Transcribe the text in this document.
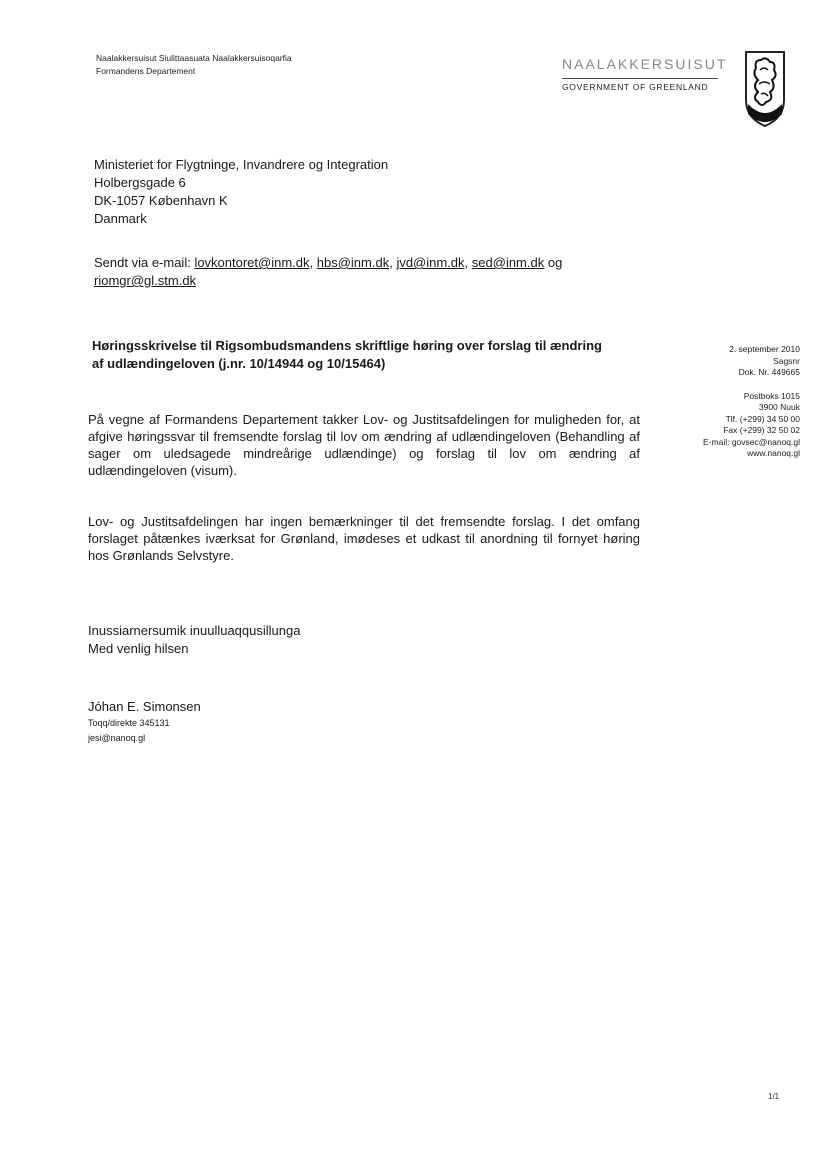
Naalakkersuisut Siulittaasuata Naalakkersuisoqarfia
Formandens Departement	NAALAKKERSUISUT
GOVERNMENT OF GREENLAND
Ministeriet for Flygtninge, Invandrere og Integration
Holbergsgade 6
DK-1057 København K
Danmark
Sendt via e-mail: lovkontoret@inm.dk, hbs@inm.dk, jvd@inm.dk, sed@inm.dk og riomgr@gl.stm.dk
Høringsskrivelse til Rigsombudsmandens skriftlige høring over forslag til ændring af udlændingeloven (j.nr. 10/14944 og 10/15464)
2. september 2010
Sagsnr
Dok. Nr. 449665
Postboks 1015
3900 Nuuk
Tlf. (+299) 34 50 00
Fax (+299) 32 50 02
E-mail: govsec@nanoq.gl
www.nanoq.gl
På vegne af Formandens Departement takker Lov- og Justitsafdelingen for muligheden for, at afgive høringssvar til fremsendte forslag til lov om ændring af udlændingeloven (Behandling af sager om uledsagede mindreårige udlændinge) og forslag til lov om ændring af udlændingeloven (visum).
Lov- og Justitsafdelingen har ingen bemærkninger til det fremsendte forslag. I det omfang forslaget påtænkes iværksat for Grønland, imødeses et udkast til anordning til fornyet høring hos Grønlands Selvstyre.
Inussiarnersumik inuulluaqqusillunga
Med venlig hilsen
Jóhan E. Simonsen
Toqq/direkte 345131
jesi@nanoq.gl
1/1
